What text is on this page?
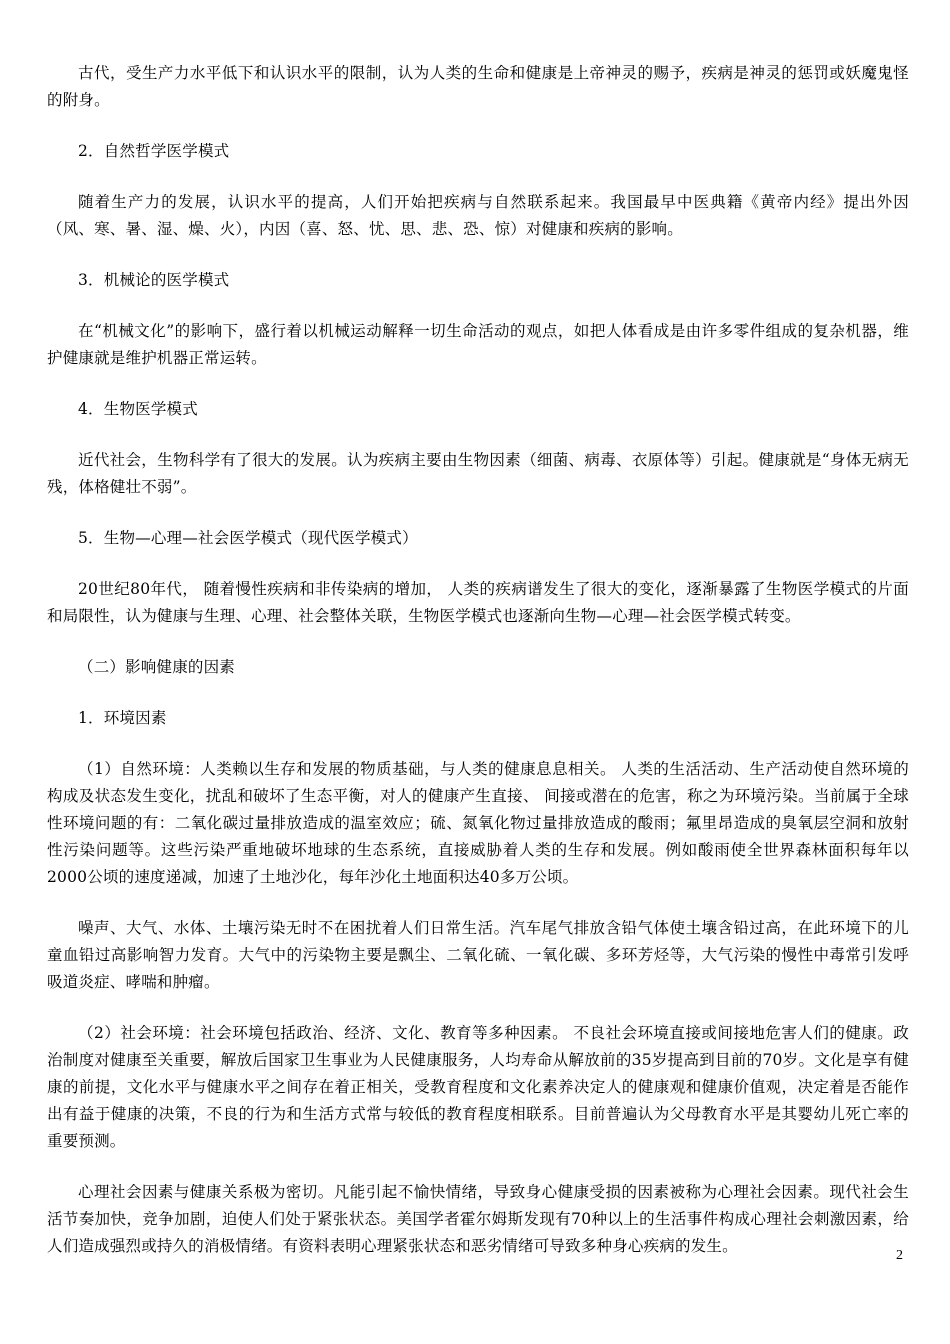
古代，受生产力水平低下和认识水平的限制，认为人类的生命和健康是上帝神灵的赐予，疾病是神灵的惩罚或妖魔鬼怪的附身。

2．自然哲学医学模式

随着生产力的发展，认识水平的提高，人们开始把疾病与自然联系起来。我国最早中医典籍《黄帝内经》提出外因（风、寒、暑、湿、燥、火），内因（喜、怒、忧、思、悲、恐、惊）对健康和疾病的影响。

3．机械论的医学模式

在“机械文化”的影响下，盛行着以机械运动解释一切生命活动的观点，如把人体看成是由许多零件组成的复杂机器，维护健康就是维护机器正常运转。

4．生物医学模式

近代社会，生物科学有了很大的发展。认为疾病主要由生物因素（细菌、病毒、衣原体等）引起。健康就是“身体无病无残，体格健壮不弱”。

5．生物—心理—社会医学模式（现代医学模式）

20世纪80年代， 随着慢性疾病和非传染病的增加， 人类的疾病谱发生了很大的变化，逐渐暴露了生物医学模式的片面和局限性，认为健康与生理、心理、社会整体关联，生物医学模式也逐渐向生物—心理—社会医学模式转变。

（二）影响健康的因素

1．环境因素

（1）自然环境：人类赖以生存和发展的物质基础，与人类的健康息息相关。 人类的生活活动、生产活动使自然环境的构成及状态发生变化，扰乱和破坏了生态平衡，对人的健康产生直接、 间接或潜在的危害，称之为环境污染。当前属于全球性环境问题的有：二氧化碳过量排放造成的温室效应；硫、氮氧化物过量排放造成的酸雨；氟里昂造成的臭氧层空洞和放射性污染问题等。这些污染严重地破坏地球的生态系统，直接威胁着人类的生存和发展。例如酸雨使全世界森林面积每年以2000公顷的速度递减，加速了土地沙化，每年沙化土地面积达40多万公顷。

噪声、大气、水体、土壤污染无时不在困扰着人们日常生活。汽车尾气排放含铅气体使土壤含铅过高，在此环境下的儿童血铅过高影响智力发育。大气中的污染物主要是飘尘、二氧化硫、一氧化碳、多环芳烃等，大气污染的慢性中毒常引发呼吸道炎症、哮喘和肿瘤。

（2）社会环境：社会环境包括政治、经济、文化、教育等多种因素。 不良社会环境直接或间接地危害人们的健康。政治制度对健康至关重要，解放后国家卫生事业为人民健康服务，人均寿命从解放前的35岁提高到目前的70岁。文化是享有健康的前提，文化水平与健康水平之间存在着正相关，受教育程度和文化素养决定人的健康观和健康价值观，决定着是否能作出有益于健康的决策，不良的行为和生活方式常与较低的教育程度相联系。目前普遍认为父母教育水平是其婴幼儿死亡率的重要预测。

心理社会因素与健康关系极为密切。凡能引起不愉快情绪，导致身心健康受损的因素被称为心理社会因素。现代社会生活节奏加快，竞争加剧，迫使人们处于紧张状态。美国学者霍尔姆斯发现有70种以上的生活事件构成心理社会刺激因素，给人们造成强烈或持久的消极情绪。有资料表明心理紧张状态和恶劣情绪可导致多种身心疾病的发生。

2
